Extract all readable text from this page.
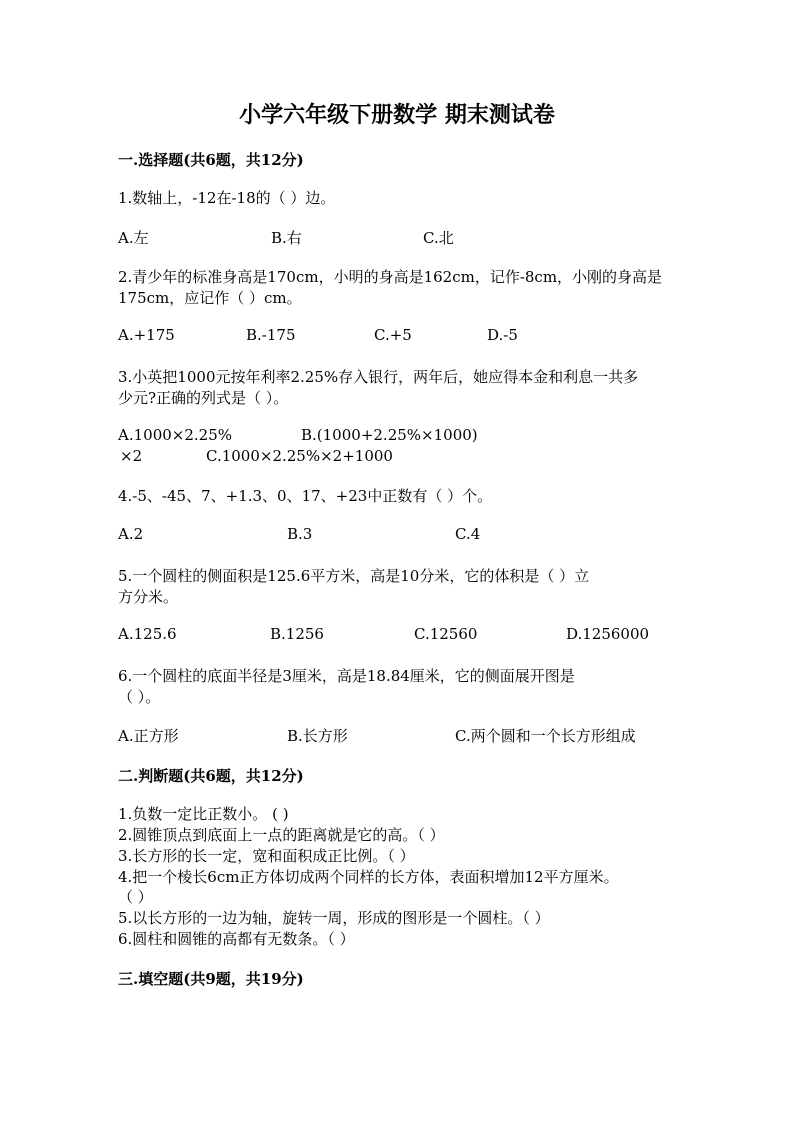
小学六年级下册数学 期末测试卷
一.选择题(共6题，共12分)
1.数轴上，-12在-18的（ ）边。
A.左	B.右	C.北
2.青少年的标准身高是170cm，小明的身高是162cm，记作-8cm，小刚的身高是
175cm，应记作（ ）cm。
A.+175	B.-175	C.+5	D.-5
3.小英把1000元按年利率2.25%存入银行，两年后，她应得本金和利息一共多
少元?正确的列式是（ ）。
A.1000×2.25%	B.(1000+2.25%×1000)
×2	C.1000×2.25%×2+1000
4.-5、-45、7、+1.3、0、17、+23中正数有（ ）个。
A.2	B.3	C.4
5.一个圆柱的侧面积是125.6平方米，高是10分米，它的体积是（ ）立
方分米。
A.125.6	B.1256	C.12560	D.1256000
6.一个圆柱的底面半径是3厘米，高是18.84厘米，它的侧面展开图是
（ ）。
A.正方形	B.长方形	C.两个圆和一个长方形组成
二.判断题(共6题，共12分)
1.负数一定比正数小。 ( )
2.圆锥顶点到底面上一点的距离就是它的高。（ ）
3.长方形的长一定，宽和面积成正比例。（ ）
4.把一个棱长6cm正方体切成两个同样的长方体，表面积增加12平方厘米。
（ ）
5.以长方形的一边为轴，旋转一周，形成的图形是一个圆柱。（ ）
6.圆柱和圆锥的高都有无数条。（ ）
三.填空题(共9题，共19分)
